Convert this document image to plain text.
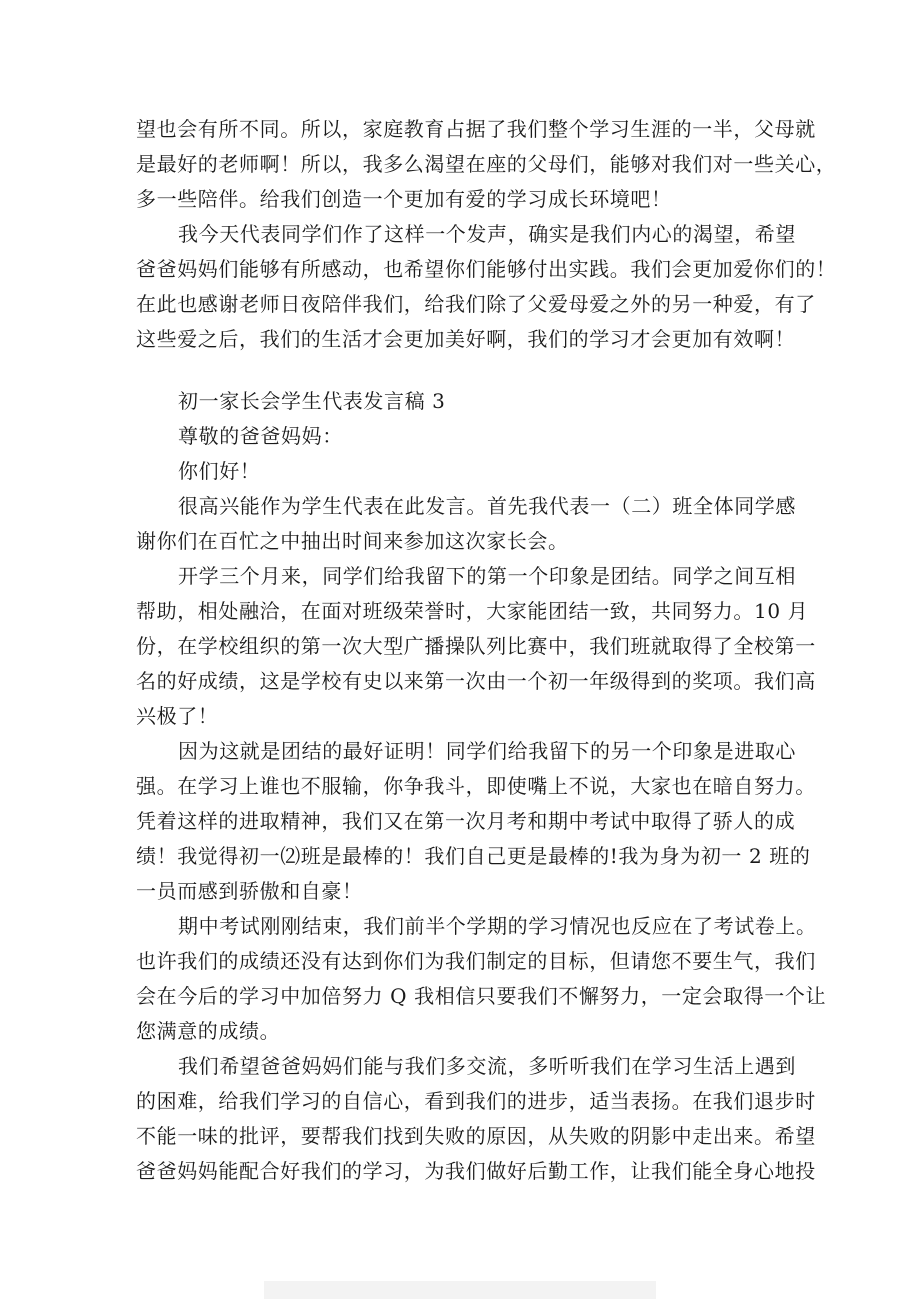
望也会有所不同。所以，家庭教育占据了我们整个学习生涯的一半，父母就
是最好的老师啊！所以，我多么渴望在座的父母们，能够对我们对一些关心，
多一些陪伴。给我们创造一个更加有爱的学习成长环境吧！
我今天代表同学们作了这样一个发声，确实是我们内心的渴望，希望
爸爸妈妈们能够有所感动，也希望你们能够付出实践。我们会更加爱你们的！
在此也感谢老师日夜陪伴我们，给我们除了父爱母爱之外的另一种爱，有了
这些爱之后，我们的生活才会更加美好啊，我们的学习才会更加有效啊！
初一家长会学生代表发言稿 3
尊敬的爸爸妈妈：
你们好！
很高兴能作为学生代表在此发言。首先我代表一（二）班全体同学感
谢你们在百忙之中抽出时间来参加这次家长会。
开学三个月来，同学们给我留下的第一个印象是团结。同学之间互相
帮助，相处融洽，在面对班级荣誉时，大家能团结一致，共同努力。10 月
份，在学校组织的第一次大型广播操队列比赛中，我们班就取得了全校第一
名的好成绩，这是学校有史以来第一次由一个初一年级得到的奖项。我们高
兴极了！
因为这就是团结的最好证明！同学们给我留下的另一个印象是进取心
强。在学习上谁也不服输，你争我斗，即使嘴上不说，大家也在暗自努力。
凭着这样的进取精神，我们又在第一次月考和期中考试中取得了骄人的成
绩！我觉得初一⑵班是最棒的！我们自己更是最棒的!我为身为初一 2 班的
一员而感到骄傲和自豪！
期中考试刚刚结束，我们前半个学期的学习情况也反应在了考试卷上。
也许我们的成绩还没有达到你们为我们制定的目标，但请您不要生气，我们
会在今后的学习中加倍努力 Q 我相信只要我们不懈努力，一定会取得一个让
您满意的成绩。
我们希望爸爸妈妈们能与我们多交流，多听听我们在学习生活上遇到
的困难，给我们学习的自信心，看到我们的进步，适当表扬。在我们退步时
不能一味的批评，要帮我们找到失败的原因，从失败的阴影中走出来。希望
爸爸妈妈能配合好我们的学习，为我们做好后勤工作，让我们能全身心地投
